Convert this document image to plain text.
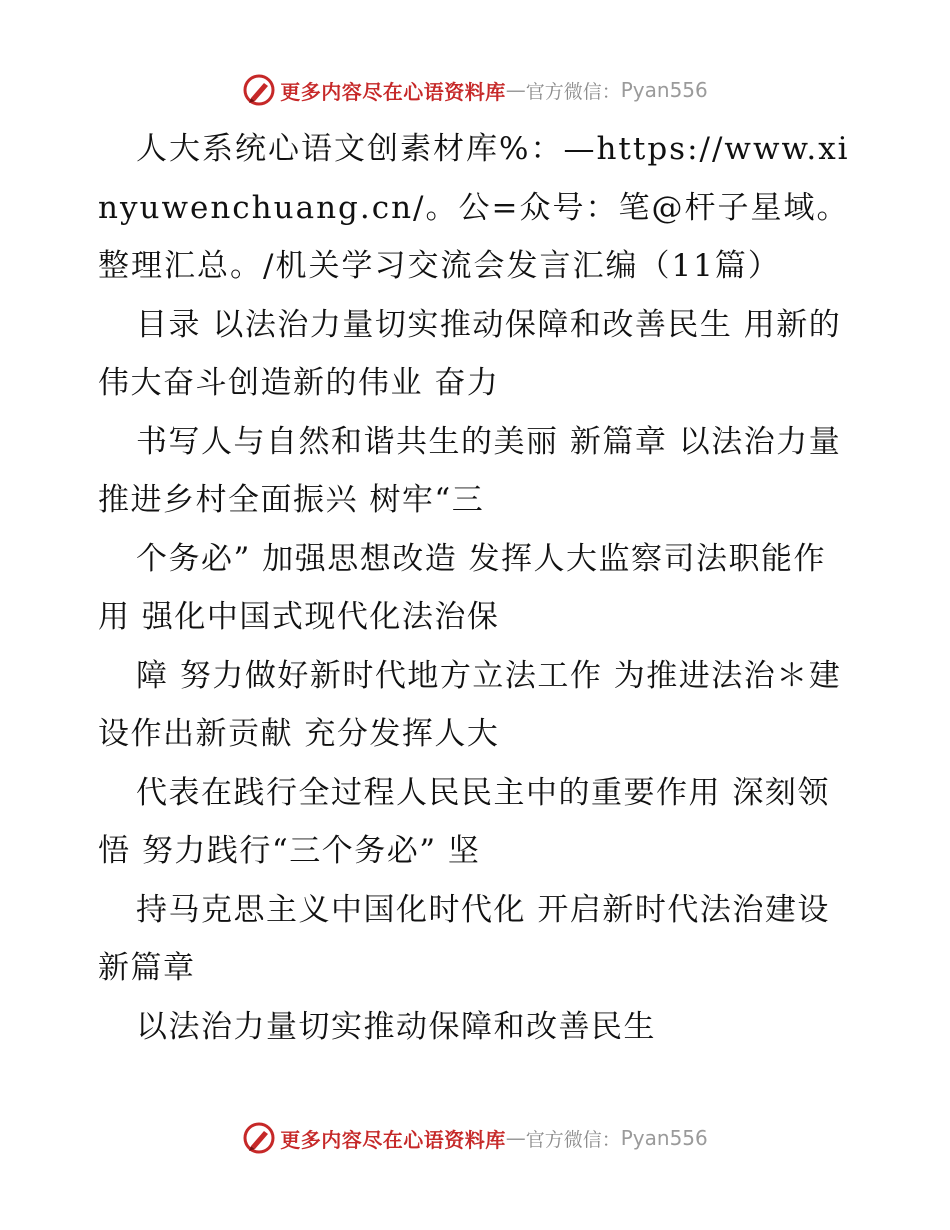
更多内容尽在心语资料库 — 官方微信： Pyan556

人大系统心语文创素材库%：—https://www.xinyuwenchuang.cn/。公=众号：笔@杆子星域。整理汇总。/机关学习交流会发言汇编（11篇）

目录 以法治力量切实推动保障和改善民生 用新的伟大奋斗创造新的伟业 奋力

书写人与自然和谐共生的美丽 新篇章 以法治力量推进乡村全面振兴 树牢“三

个务必” 加强思想改造 发挥人大监察司法职能作用 强化中国式现代化法治保

障 努力做好新时代地方立法工作 为推进法治＊建设作出新贡献 充分发挥人大

代表在践行全过程人民民主中的重要作用 深刻领悟 努力践行“三个务必” 坚

持马克思主义中国化时代化 开启新时代法治建设新篇章

以法治力量切实推动保障和改善民生

更多内容尽在心语资料库 — 官方微信： Pyan556
